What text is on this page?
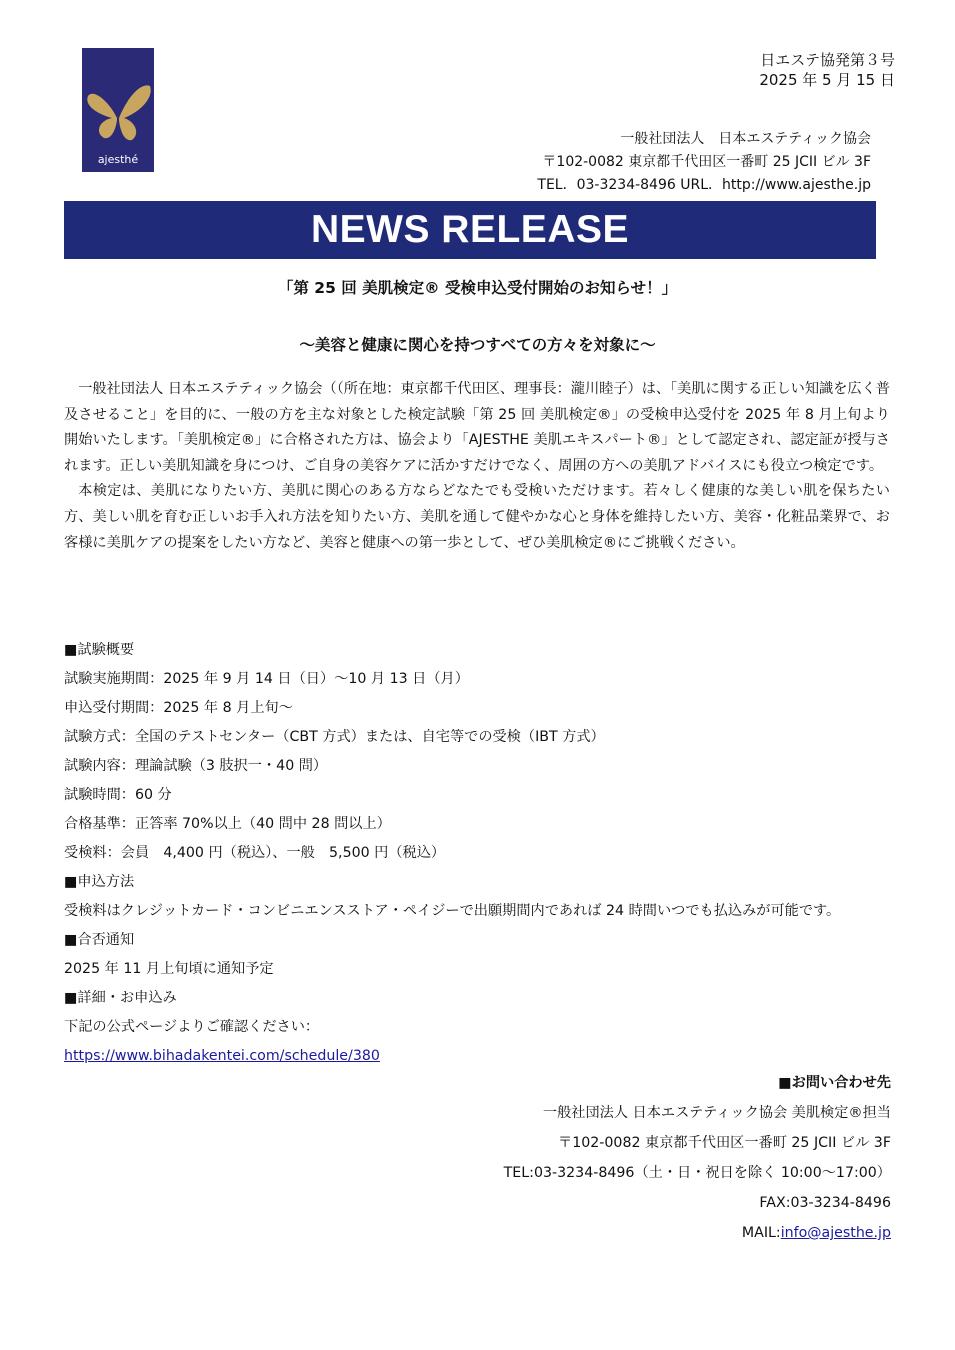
日エステ協発第３号
2025 年 5 月 15 日
ajesthé
一般社団法人　日本エステティック協会
〒102-0082 東京都千代田区一番町 25 JCII ビル 3F
TEL．03-3234-8496 URL．http://www.ajesthe.jp
NEWS RELEASE
「第 25 回 美肌検定® 受検申込受付開始のお知らせ！」
～美容と健康に関心を持つすべての方々を対象に～

一般社団法人 日本エステティック協会（（所在地：東京都千代田区、理事長：瀧川睦子）は、「美肌に関する正しい知識を広く普及させること」を目的に、一般の方を主な対象とした検定試験「第 25 回 美肌検定®」の受検申込受付を 2025 年 8 月上旬より開始いたします。「美肌検定®」に合格された方は、協会より「AJESTHE 美肌エキスパート®」として認定され、認定証が授与されます。正しい美肌知識を身につけ、ご自身の美容ケアに活かすだけでなく、周囲の方への美肌アドバイスにも役立つ検定です。

本検定は、美肌になりたい方、美肌に関心のある方ならどなたでも受検いただけます。若々しく健康的な美しい肌を保ちたい方、美しい肌を育む正しいお手入れ方法を知りたい方、美肌を通して健やかな心と身体を維持したい方、美容・化粧品業界で、お客様に美肌ケアの提案をしたい方など、美容と健康への第一歩として、ぜひ美肌検定®にご挑戦ください。

■試験概要
試験実施期間：2025 年 9 月 14 日（日）～10 月 13 日（月）
申込受付期間：2025 年 8 月上旬～
試験方式：全国のテストセンター（CBT 方式）または、自宅等での受検（IBT 方式）
試験内容：理論試験（3 肢択一・40 問）
試験時間：60 分
合格基準：正答率 70%以上（40 問中 28 問以上）
受検料：会員　4,400 円（税込）、一般　5,500 円（税込）
■申込方法
受検料はクレジットカード・コンビニエンスストア・ペイジーで出願期間内であれば 24 時間いつでも払込みが可能です。
■合否通知
2025 年 11 月上旬頃に通知予定
■詳細・お申込み
下記の公式ページよりご確認ください：
https://www.bihadakentei.com/schedule/380
■お問い合わせ先
一般社団法人 日本エステティック協会 美肌検定®担当
〒102-0082 東京都千代田区一番町 25 JCII ビル 3F
TEL:03-3234-8496（土・日・祝日を除く 10:00～17:00）
FAX:03-3234-8496
MAIL:info@ajesthe.jp
